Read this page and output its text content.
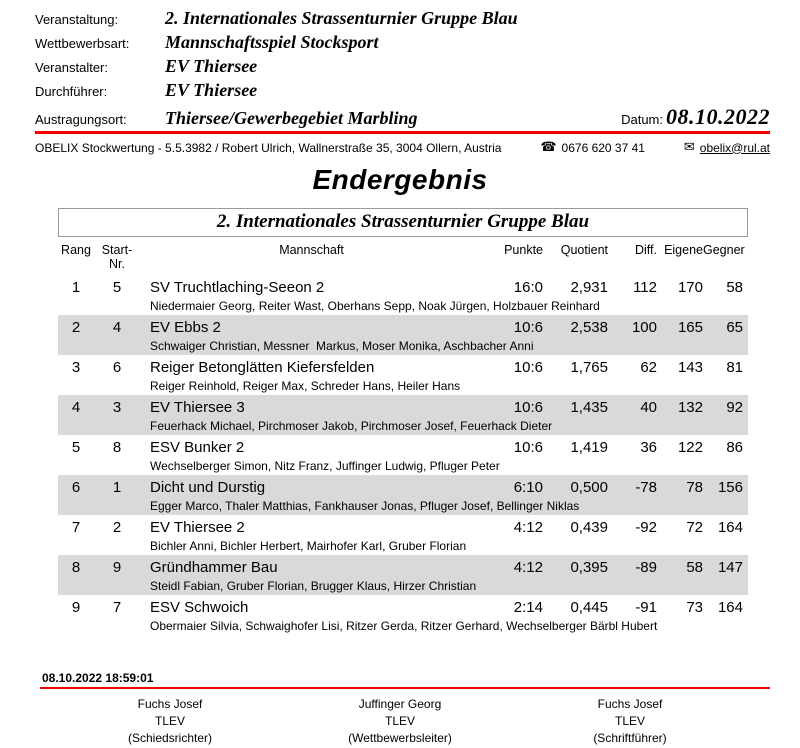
Veranstaltung:	2. Internationales Strassenturnier Gruppe Blau
Wettbewerbsart:	Mannschaftsspiel Stocksport
Veranstalter:	EV Thiersee
Durchführer:	EV Thiersee
Austragungsort:	Thiersee/Gewerbegebiet Marbling	Datum: 08.10.2022
OBELIX Stockwertung - 5.5.3982 / Robert Ulrich, Wallnerstraße 35, 3004 Ollern, Austria	☎ 0676 620 37 41	✉ obelix@rul.at
Endergebnis
2. Internationales Strassenturnier Gruppe Blau
Rang Start-Nr.
Mannschaft	Punkte	Quotient	Diff. Eigene Gegner
1	5	SV Truchtlaching-Seeon 2	16:0	2,931	112	170	58
Niedermaier Georg, Reiter Wast, Oberhans Sepp, Noak Jürgen, Holzbauer Reinhard
2	4	EV Ebbs 2	10:6	2,538	100	165	65
Schwaiger Christian, Messner  Markus, Moser Monika, Aschbacher Anni
3	6	Reiger Betonglätten Kiefersfelden	10:6	1,765	62	143	81
Reiger Reinhold, Reiger Max, Schreder Hans, Heiler Hans
4	3	EV Thiersee 3	10:6	1,435	40	132	92
Feuerhack Michael, Pirchmoser Jakob, Pirchmoser Josef, Feuerhack Dieter
5	8	ESV Bunker 2	10:6	1,419	36	122	86
Wechselberger Simon, Nitz Franz, Juffinger Ludwig, Pfluger Peter
6	1	Dicht und Durstig	6:10	0,500	-78	78 156
Egger Marco, Thaler Matthias, Fankhauser Jonas, Pfluger Josef, Bellinger Niklas
7	2	EV Thiersee 2	4:12	0,439	-92	72 164
Bichler Anni, Bichler Herbert, Mairhofer Karl, Gruber Florian
8	9	Gründhammer Bau	4:12	0,395	-89	58 147
Steidl Fabian, Gruber Florian, Brugger Klaus, Hirzer Christian
9	7	ESV Schwoich	2:14	0,445	-91	73 164
Obermaier Silvia, Schwaighofer Lisi, Ritzer Gerda, Ritzer Gerhard, Wechselberger Bärbl Hubert
08.10.2022 18:59:01
Fuchs Josef
TLEV
(Schiedsrichter)
Juffinger Georg
TLEV
(Wettbewerbsleiter)
Fuchs Josef
TLEV
(Schriftführer)
